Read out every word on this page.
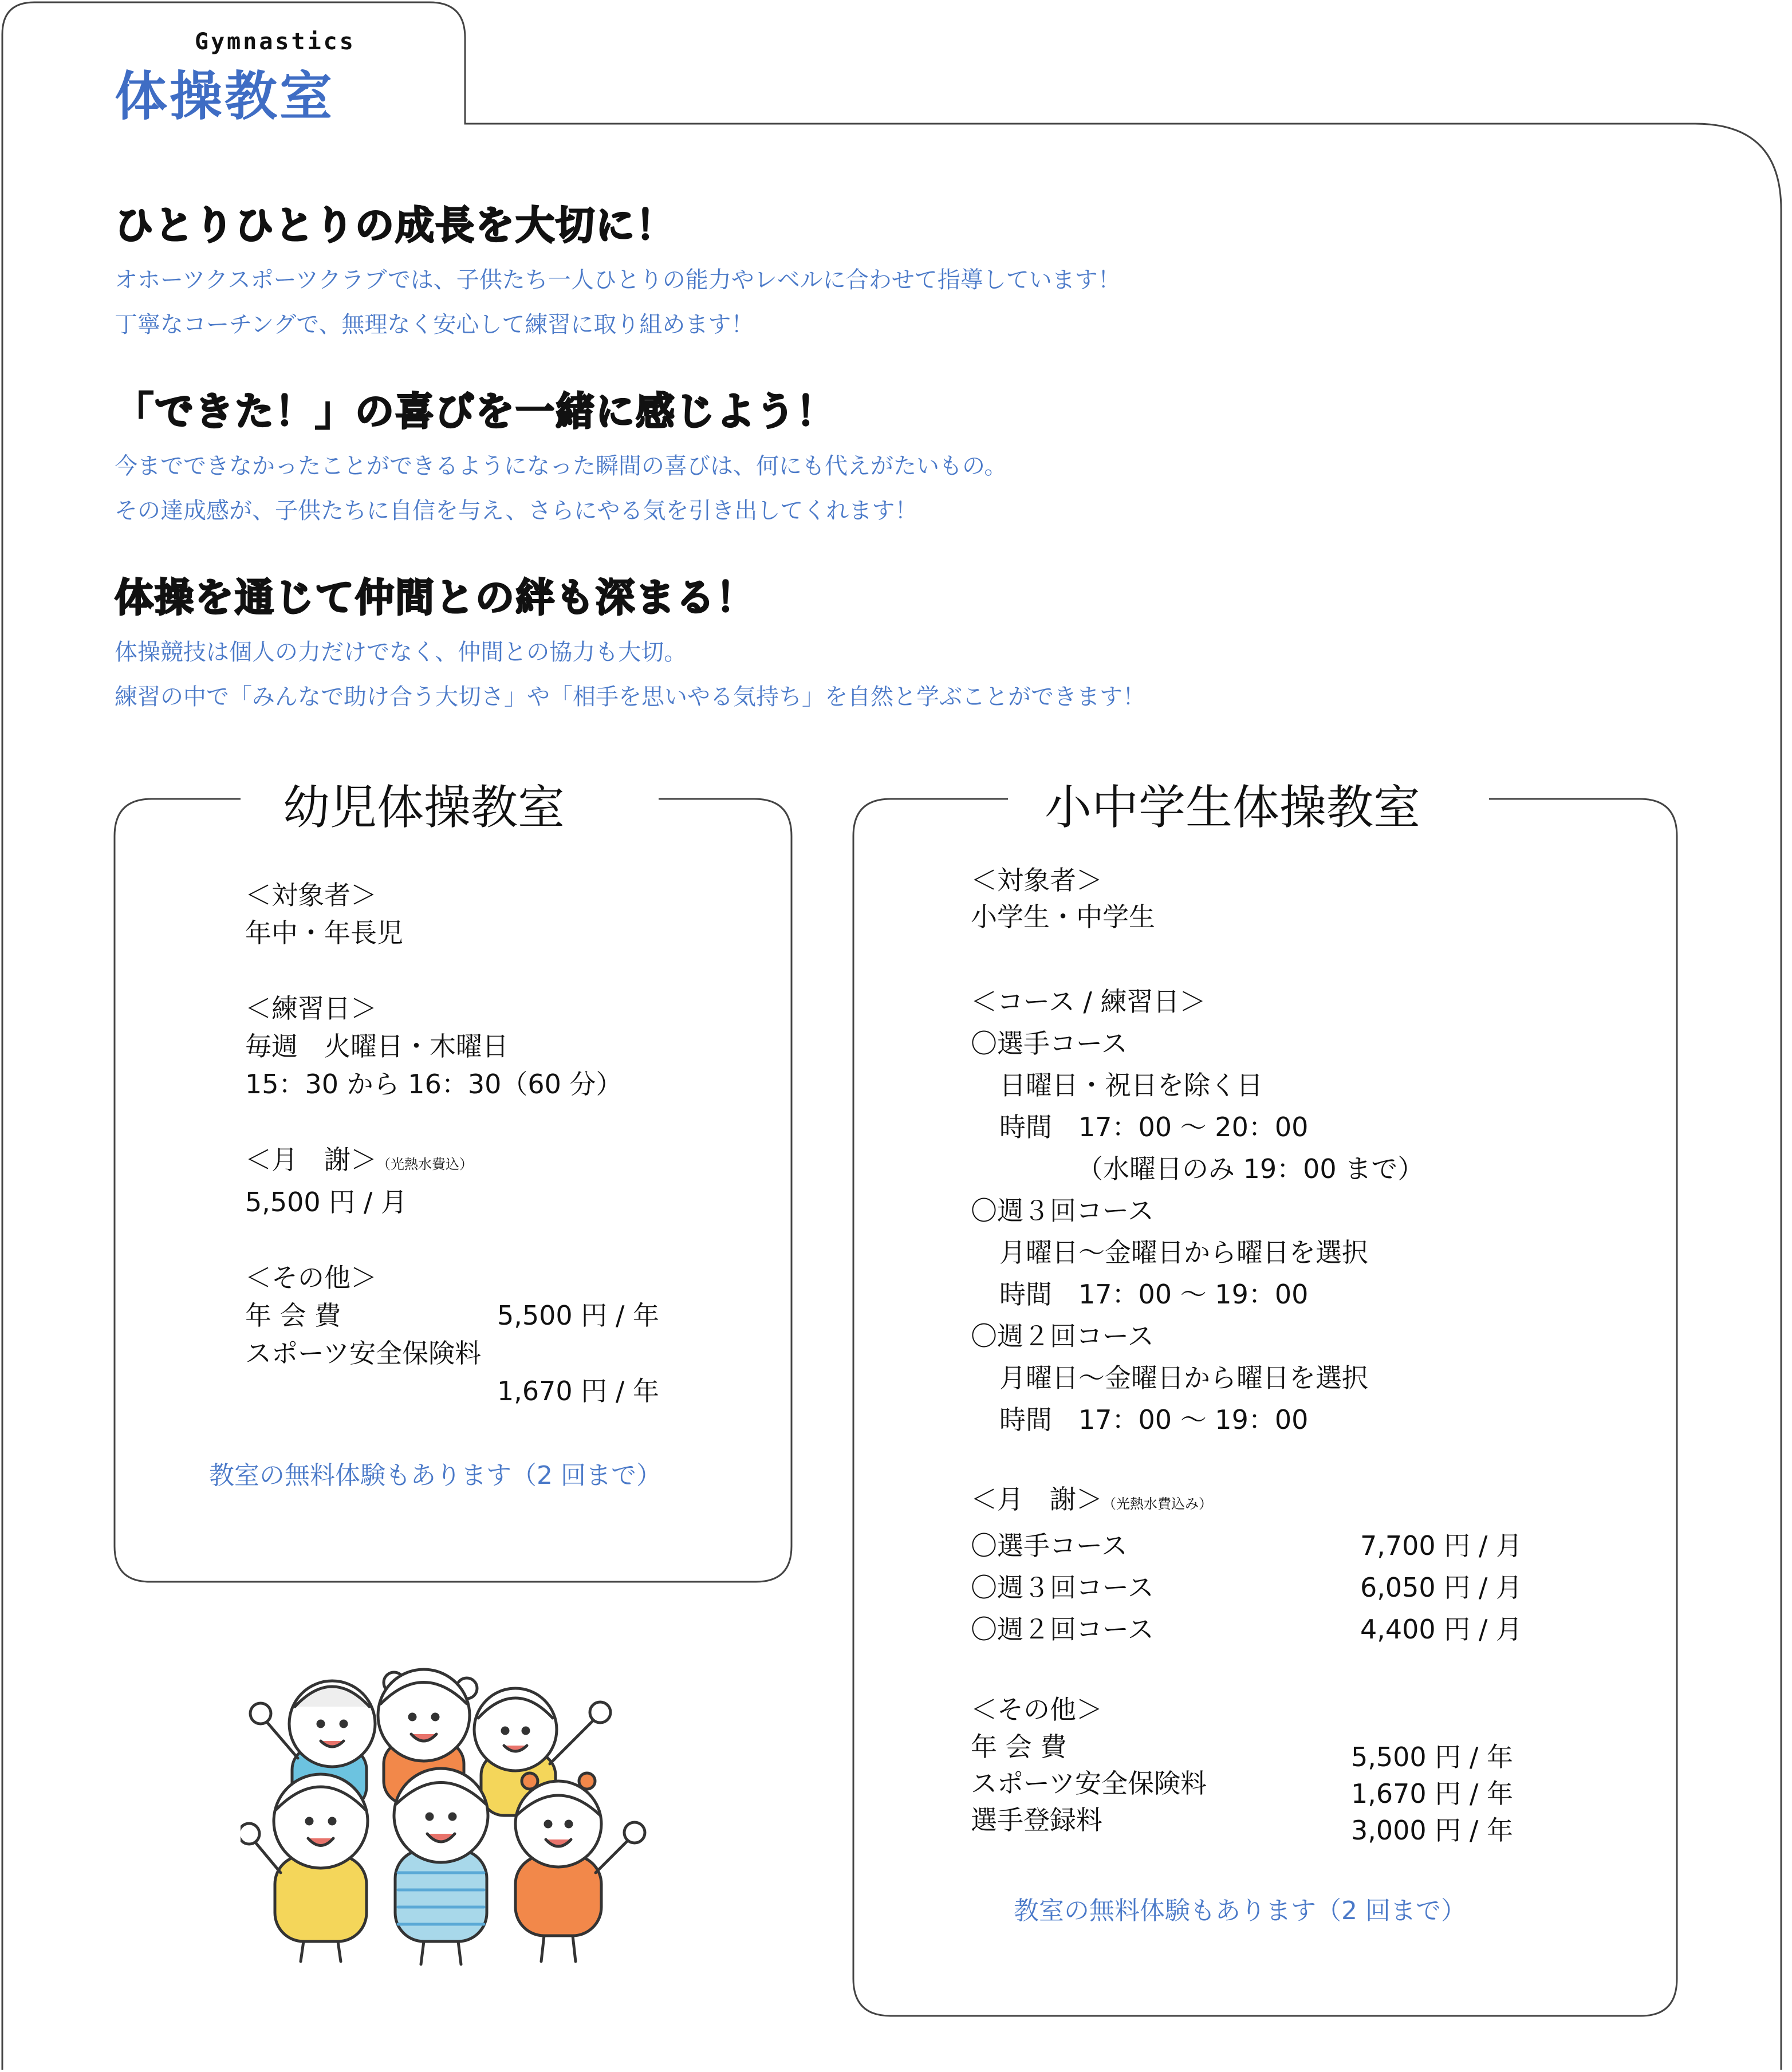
Gymnastics
体操教室
ひとりひとりの成長を大切に！
オホーツクスポーツクラブでは、子供たち一人ひとりの能力やレベルに合わせて指導しています！
丁寧なコーチングで、無理なく安心して練習に取り組めます！
「できた！」の喜びを一緒に感じよう！
今までできなかったことができるようになった瞬間の喜びは、何にも代えがたいもの。
その達成感が、子供たちに自信を与え、さらにやる気を引き出してくれます！
体操を通じて仲間との絆も深まる！
体操競技は個人の力だけでなく、仲間との協力も大切。
練習の中で「みんなで助け合う大切さ」や「相手を思いやる気持ち」を自然と学ぶことができます！
幼児体操教室
＜対象者＞
年中・年長児
＜練習日＞
毎週　火曜日・木曜日
15：30 から 16：30（60 分）
＜月　謝＞（光熱水費込）
5,500 円 / 月
＜その他＞
年 会 費	5,500 円 / 年
スポーツ安全保険料
1,670 円 / 年
教室の無料体験もあります（2 回まで）
小中学生体操教室
＜対象者＞
小学生・中学生
＜コース / 練習日＞
〇選手コース
日曜日・祝日を除く日
時間　17：00 〜 20：00
（水曜日のみ 19：00 まで）
〇週３回コース
月曜日〜金曜日から曜日を選択
時間　17：00 〜 19：00
〇週２回コース
月曜日〜金曜日から曜日を選択
時間　17：00 〜 19：00
＜月　謝＞（光熱水費込み）
〇選手コース	7,700 円 / 月
〇週３回コース	6,050 円 / 月
〇週２回コース	4,400 円 / 月
＜その他＞
年 会 費	5,500 円 / 年
スポーツ安全保険料	1,670 円 / 年
選手登録料	3,000 円 / 年
教室の無料体験もあります（2 回まで）
